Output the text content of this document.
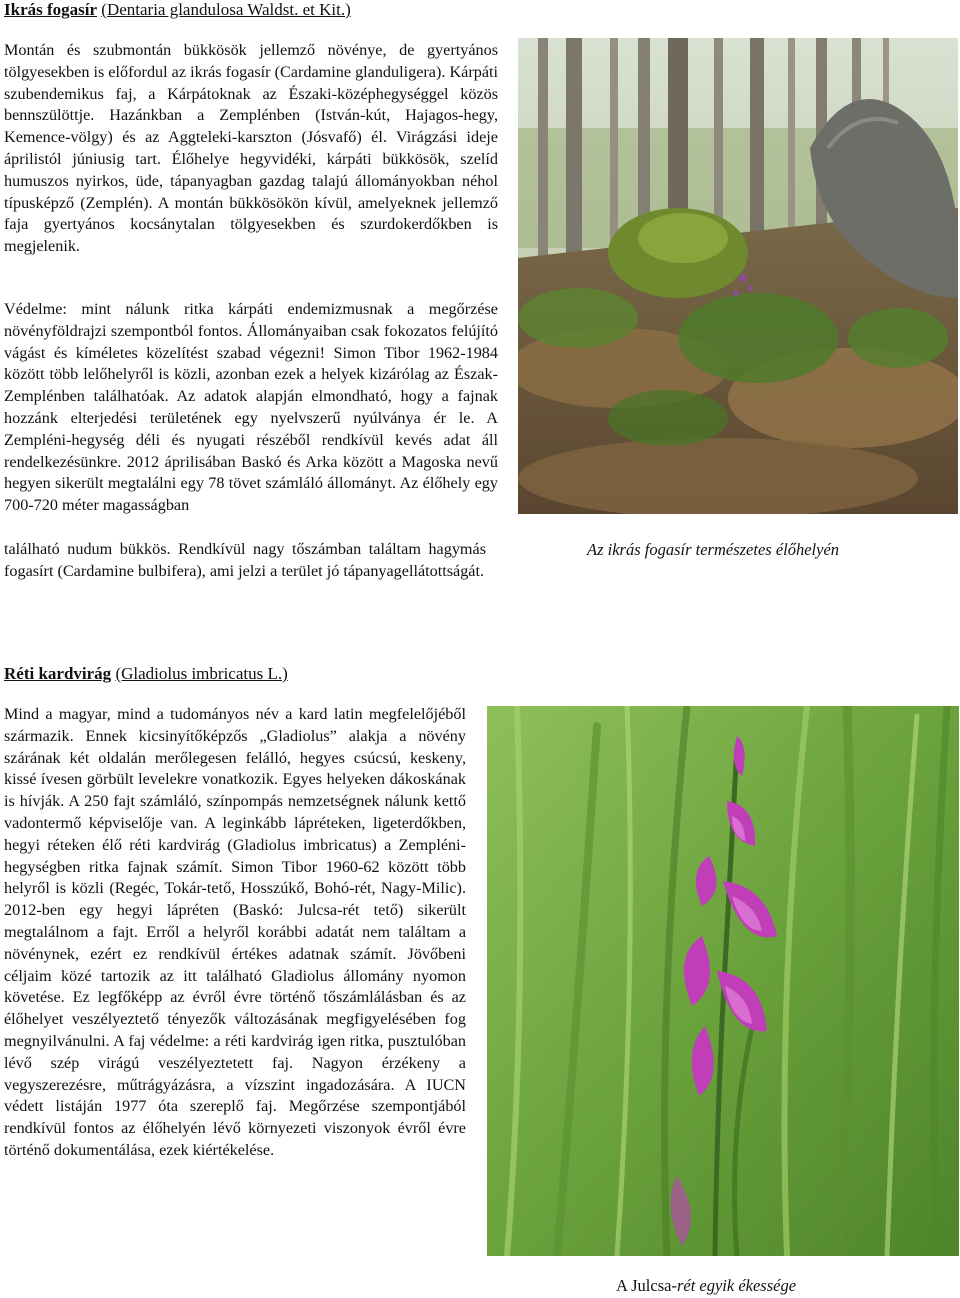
Ikrás fogasír (Dentaria glandulosa Waldst. et Kit.)

Montán és szubmontán bükkösök jellemző növénye, de gyertyános tölgyesekben is előfordul az ikrás fogasír (Cardamine glanduligera). Kárpáti szubendemikus faj, a Kárpátoknak az Északi-középhegységgel közös bennszülöttje. Hazánkban a Zemplénben (István-kút, Hajagos-hegy, Kemence-völgy) és az Aggteleki-karszton (Jósvafő) él. Virágzási ideje áprilistól júniusig tart. Élőhelye hegyvidéki, kárpáti bükkösök, szelíd humuszos nyirkos, üde, tápanyagban gazdag talajú állományokban néhol típusképző (Zemplén). A montán bükkösökön kívül, amelyeknek jellemző faja gyertyános kocsánytalan tölgyesekben és szurdokerdőkben is megjelenik.

Védelme: mint nálunk ritka kárpáti endemizmusnak a megőrzése növényföldrajzi szempontból fontos. Állományaiban csak fokozatos felújító vágást és kíméletes közelítést szabad végezni! Simon Tibor 1962-1984 között több lelőhelyről is közli, azonban ezek a helyek kizárólag az Észak-Zemplénben találhatóak. Az adatok alapján elmondható, hogy a fajnak hozzánk elterjedési területének egy nyelvszerű nyúlványa ér le. A Zempléni-hegység déli és nyugati részéből rendkívül kevés adat áll rendelkezésünkre. 2012 áprilisában Baskó és Arka között a Magoska nevű hegyen sikerült megtalálni egy 78 tövet számláló állományt. Az élőhely egy 700-720 méter magasságban

található nudum bükkös. Rendkívül nagy tőszámban találtam hagymás fogasírt (Cardamine bulbifera), ami jelzi a terület jó tápanyagellátottságát.

Az ikrás fogasír természetes élőhelyén
Réti kardvirág (Gladiolus imbricatus L.)

Mind a magyar, mind a tudományos név a kard latin megfelelőjéből származik. Ennek kicsinyítőképzős „Gladiolus” alakja a növény szárának két oldalán merőlegesen felálló, hegyes csúcsú, keskeny, kissé ívesen görbült levelekre vonatkozik. Egyes helyeken dákoskának is hívják. A 250 fajt számláló, színpompás nemzetségnek nálunk kettő vadontermő képviselője van. A leginkább lápréteken, ligeterdőkben, hegyi réteken élő réti kardvirág (Gladiolus imbricatus) a Zempléni-hegységben ritka fajnak számít. Simon Tibor 1960-62 között több helyről is közli (Regéc, Tokár-tető, Hosszúkő, Bohó-rét, Nagy-Milic). 2012-ben egy hegyi lápréten (Baskó: Julcsa-rét tető) sikerült megtalálnom a fajt. Erről a helyről korábbi adatát nem találtam a növénynek, ezért ez rendkívül értékes adatnak számít. Jövőbeni céljaim közé tartozik az itt található Gladiolus állomány nyomon követése. Ez legfőképp az évről évre történő tőszámlálásban és az élőhelyet veszélyeztető tényezők változásának megfigyelésében fog megnyilvánulni. A faj védelme: a réti kardvirág igen ritka, pusztulóban lévő szép virágú veszélyeztetett faj. Nagyon érzékeny a vegyszerezésre, műtrágyázásra, a vízszint ingadozására. A IUCN védett listáján 1977 óta szereplő faj. Megőrzése szempontjából rendkívül fontos az élőhelyén lévő környezeti viszonyok évről évre történő dokumentálása, ezek kiértékelése.

A Julcsa-rét egyik ékessége
